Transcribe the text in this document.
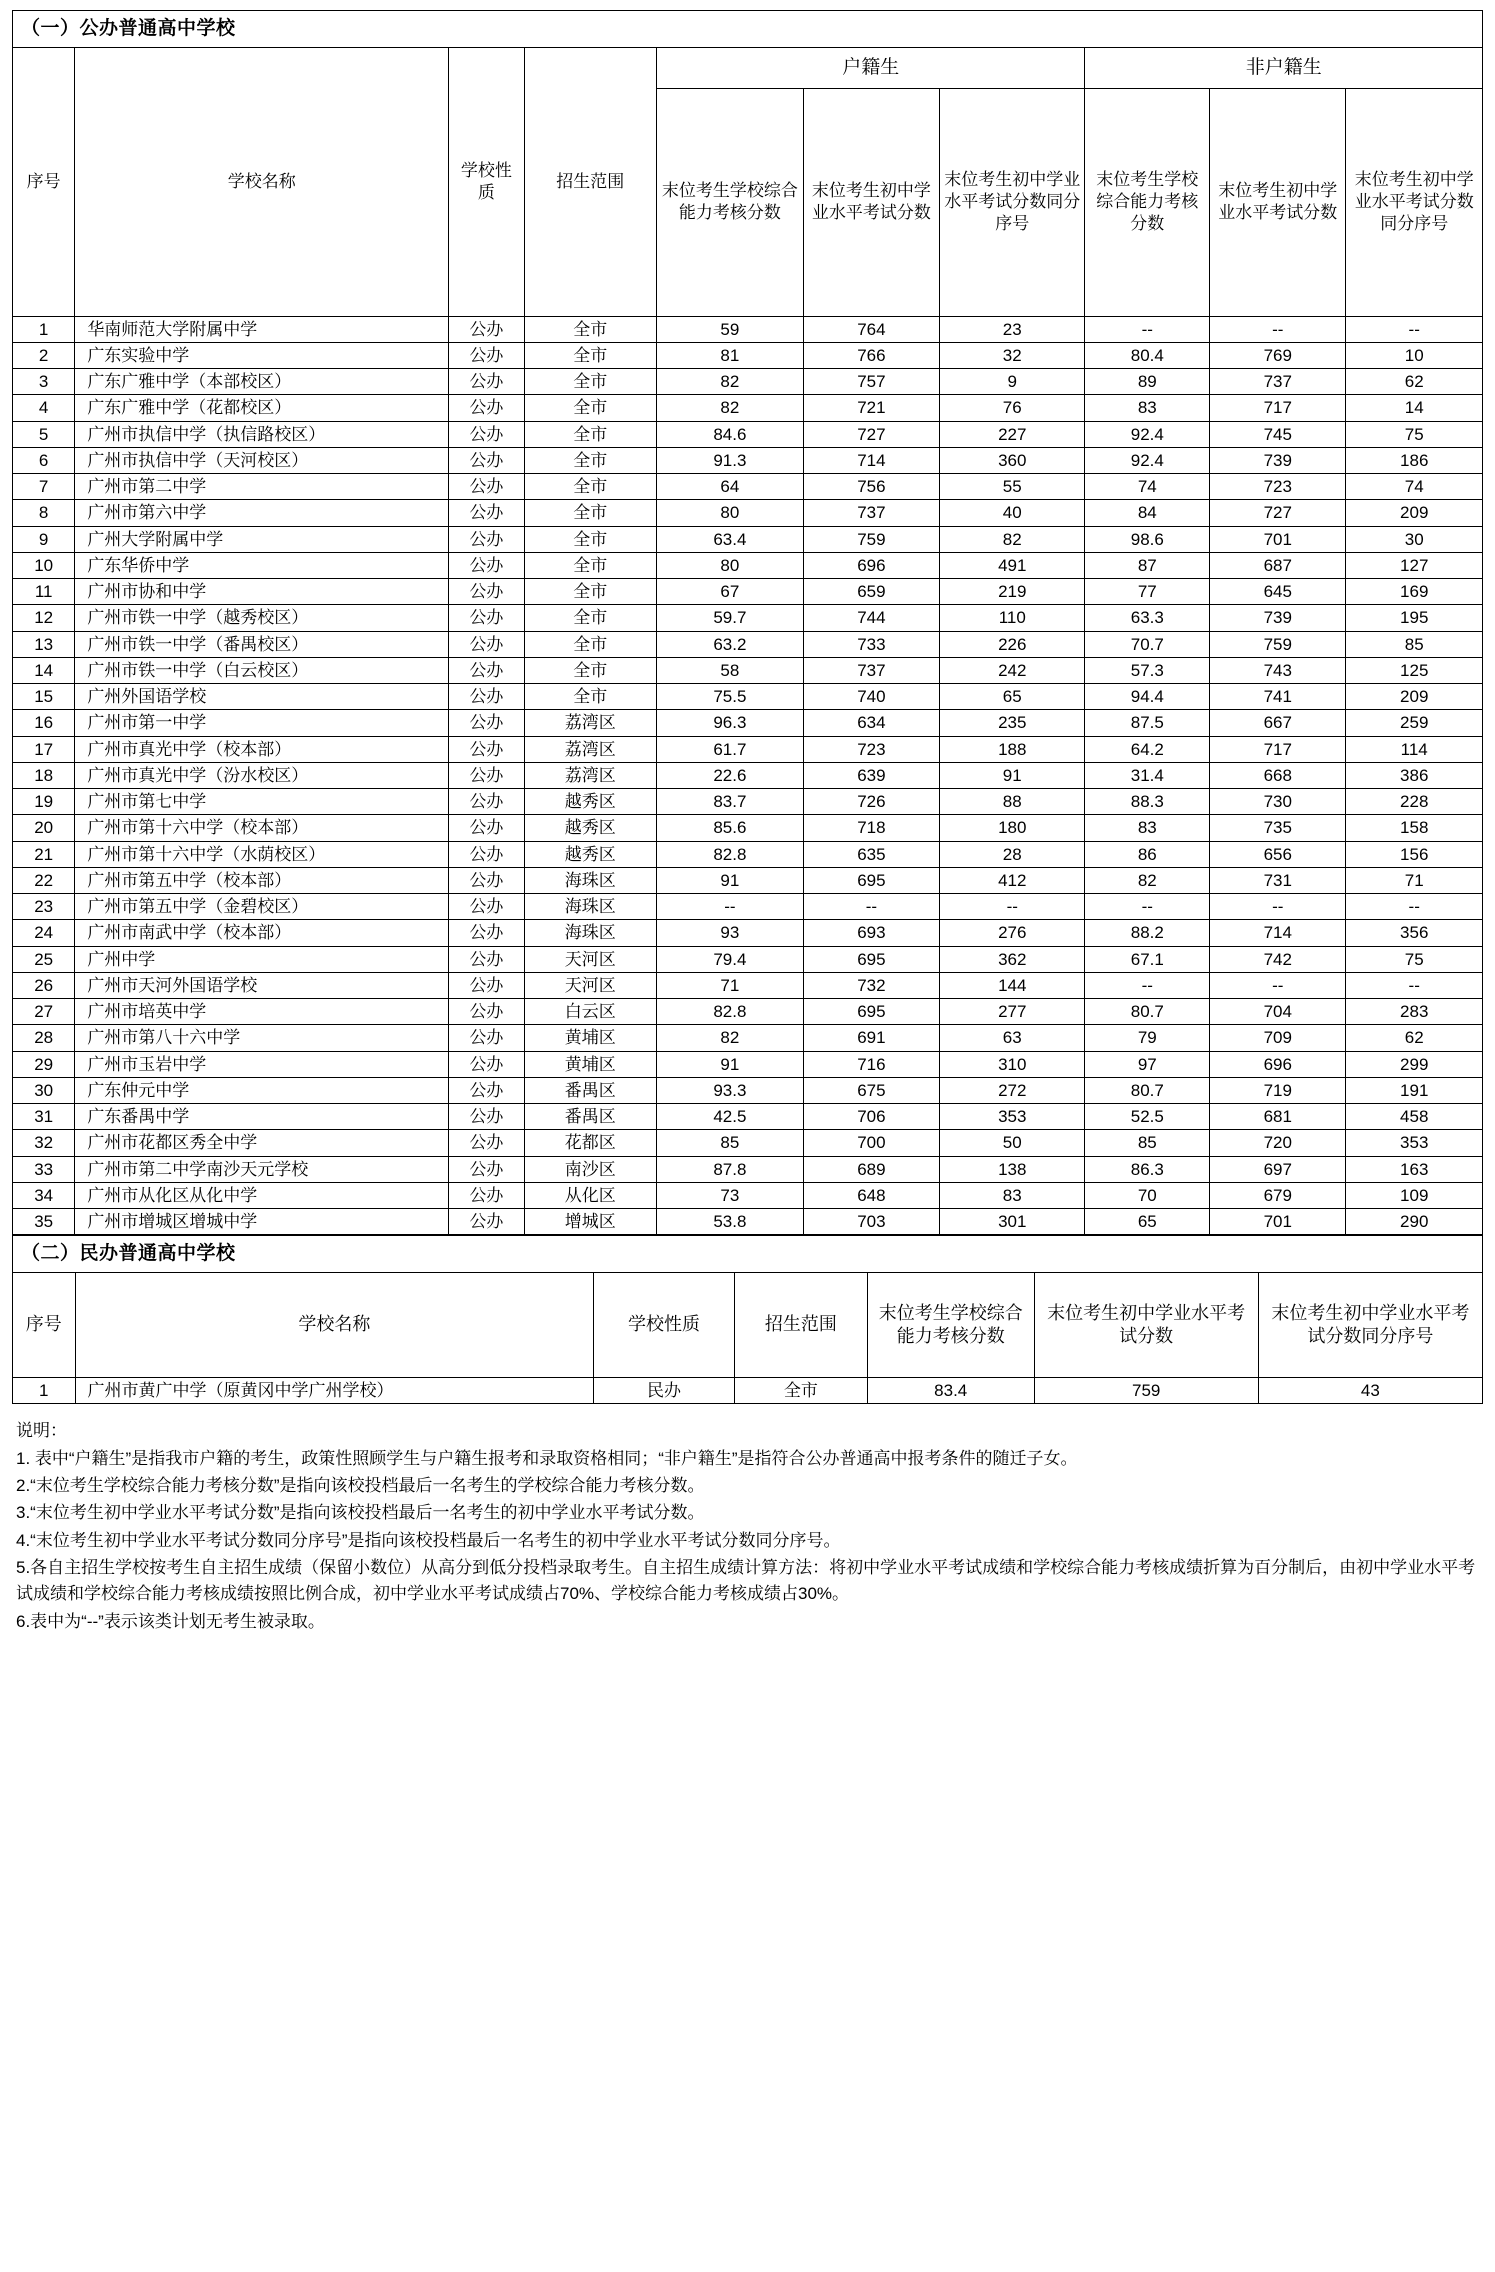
（一）公办普通高中学校									
序号	学校名称	学校性质	招生范围	户籍生			非户籍生		
				末位考生学校综合能力考核分数	末位考生初中学业水平考试分数	末位考生初中学业水平考试分数同分序号	末位考生学校综合能力考核分数	末位考生初中学业水平考试分数	末位考生初中学业水平考试分数同分序号
1	华南师范大学附属中学	公办	全市	59	764	23	--	--	--
2	广东实验中学	公办	全市	81	766	32	80.4	769	10
3	广东广雅中学（本部校区）	公办	全市	82	757	9	89	737	62
4	广东广雅中学（花都校区）	公办	全市	82	721	76	83	717	14
5	广州市执信中学（执信路校区）	公办	全市	84.6	727	227	92.4	745	75
6	广州市执信中学（天河校区）	公办	全市	91.3	714	360	92.4	739	186
7	广州市第二中学	公办	全市	64	756	55	74	723	74
8	广州市第六中学	公办	全市	80	737	40	84	727	209
9	广州大学附属中学	公办	全市	63.4	759	82	98.6	701	30
10	广东华侨中学	公办	全市	80	696	491	87	687	127
11	广州市协和中学	公办	全市	67	659	219	77	645	169
12	广州市铁一中学（越秀校区）	公办	全市	59.7	744	110	63.3	739	195
13	广州市铁一中学（番禺校区）	公办	全市	63.2	733	226	70.7	759	85
14	广州市铁一中学（白云校区）	公办	全市	58	737	242	57.3	743	125
15	广州外国语学校	公办	全市	75.5	740	65	94.4	741	209
16	广州市第一中学	公办	荔湾区	96.3	634	235	87.5	667	259
17	广州市真光中学（校本部）	公办	荔湾区	61.7	723	188	64.2	717	114
18	广州市真光中学（汾水校区）	公办	荔湾区	22.6	639	91	31.4	668	386
19	广州市第七中学	公办	越秀区	83.7	726	88	88.3	730	228
20	广州市第十六中学（校本部）	公办	越秀区	85.6	718	180	83	735	158
21	广州市第十六中学（水荫校区）	公办	越秀区	82.8	635	28	86	656	156
22	广州市第五中学（校本部）	公办	海珠区	91	695	412	82	731	71
23	广州市第五中学（金碧校区）	公办	海珠区	--	--	--	--	--	--
24	广州市南武中学（校本部）	公办	海珠区	93	693	276	88.2	714	356
25	广州中学	公办	天河区	79.4	695	362	67.1	742	75
26	广州市天河外国语学校	公办	天河区	71	732	144	--	--	--
27	广州市培英中学	公办	白云区	82.8	695	277	80.7	704	283
28	广州市第八十六中学	公办	黄埔区	82	691	63	79	709	62
29	广州市玉岩中学	公办	黄埔区	91	716	310	97	696	299
30	广东仲元中学	公办	番禺区	93.3	675	272	80.7	719	191
31	广东番禺中学	公办	番禺区	42.5	706	353	52.5	681	458
32	广州市花都区秀全中学	公办	花都区	85	700	50	85	720	353
33	广州市第二中学南沙天元学校	公办	南沙区	87.8	689	138	86.3	697	163
34	广州市从化区从化中学	公办	从化区	73	648	83	70	679	109
35	广州市增城区增城中学	公办	增城区	53.8	703	301	65	701	290
（二）民办普通高中学校						
序号	学校名称	学校性质	招生范围	末位考生学校综合能力考核分数	末位考生初中学业水平考试分数	末位考生初中学业水平考试分数同分序号
1	广州市黄广中学（原黄冈中学广州学校）	民办	全市	83.4	759	43
说明：
1. 表中“户籍生”是指我市户籍的考生，政策性照顾学生与户籍生报考和录取资格相同；“非户籍生”是指符合公办普通高中报考条件的随迁子女。
2.“末位考生学校综合能力考核分数”是指向该校投档最后一名考生的学校综合能力考核分数。
3.“末位考生初中学业水平考试分数”是指向该校投档最后一名考生的初中学业水平考试分数。
4.“末位考生初中学业水平考试分数同分序号”是指向该校投档最后一名考生的初中学业水平考试分数同分序号。
5.各自主招生学校按考生自主招生成绩（保留小数位）从高分到低分投档录取考生。自主招生成绩计算方法：将初中学业水平考试成绩和学校综合能力考核成绩折算为百分制后，由初中学业水平考试成绩和学校综合能力考核成绩按照比例合成，初中学业水平考试成绩占70%、学校综合能力考核成绩占30%。
6.表中为“--”表示该类计划无考生被录取。
